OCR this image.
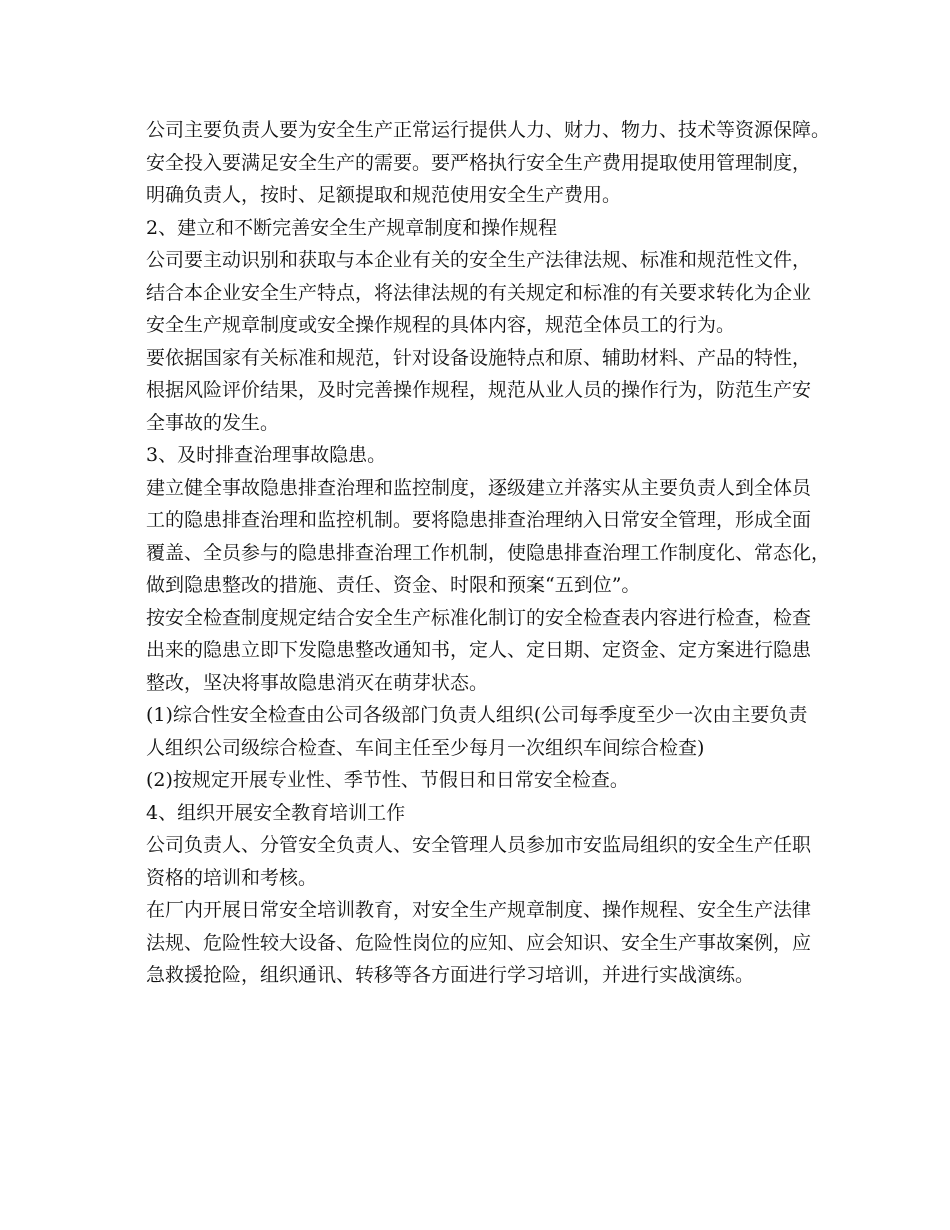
公司主要负责人要为安全生产正常运行提供人力、财力、物力、技术等资源保障。
安全投入要满足安全生产的需要。要严格执行安全生产费用提取使用管理制度，
明确负责人，按时、足额提取和规范使用安全生产费用。
2、建立和不断完善安全生产规章制度和操作规程
公司要主动识别和获取与本企业有关的安全生产法律法规、标准和规范性文件，
结合本企业安全生产特点，将法律法规的有关规定和标准的有关要求转化为企业
安全生产规章制度或安全操作规程的具体内容，规范全体员工的行为。
要依据国家有关标准和规范，针对设备设施特点和原、辅助材料、产品的特性，
根据风险评价结果，及时完善操作规程，规范从业人员的操作行为，防范生产安
全事故的发生。
3、及时排查治理事故隐患。
建立健全事故隐患排查治理和监控制度，逐级建立并落实从主要负责人到全体员
工的隐患排查治理和监控机制。要将隐患排查治理纳入日常安全管理，形成全面
覆盖、全员参与的隐患排查治理工作机制，使隐患排查治理工作制度化、常态化，
做到隐患整改的措施、责任、资金、时限和预案“五到位”。
按安全检查制度规定结合安全生产标准化制订的安全检查表内容进行检查，检查
出来的隐患立即下发隐患整改通知书，定人、定日期、定资金、定方案进行隐患
整改，坚决将事故隐患消灭在萌芽状态。
(1)综合性安全检查由公司各级部门负责人组织(公司每季度至少一次由主要负责
人组织公司级综合检查、车间主任至少每月一次组织车间综合检查)
(2)按规定开展专业性、季节性、节假日和日常安全检查。
4、组织开展安全教育培训工作
公司负责人、分管安全负责人、安全管理人员参加市安监局组织的安全生产任职
资格的培训和考核。
在厂内开展日常安全培训教育，对安全生产规章制度、操作规程、安全生产法律
法规、危险性较大设备、危险性岗位的应知、应会知识、安全生产事故案例，应
急救援抢险，组织通讯、转移等各方面进行学习培训，并进行实战演练。
